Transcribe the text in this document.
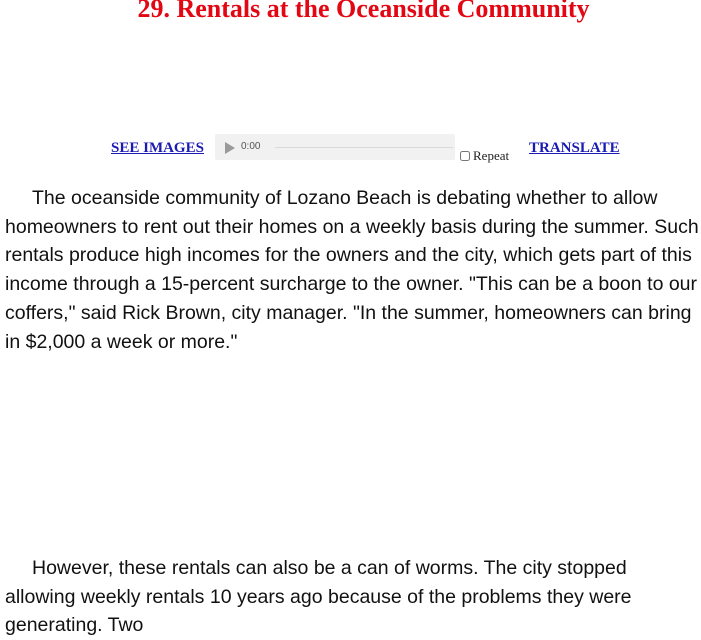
29. Rentals at the Oceanside Community
SEE IMAGES	0:00
Repeat TRANSLATE

The oceanside community of Lozano Beach is debating whether to allow homeowners to rent out their homes on a weekly basis during the summer. Such rentals produce high incomes for the owners and the city, which gets part of this income through a 15-percent surcharge to the owner. "This can be a boon to our coffers," said Rick Brown, city manager. "In the summer, homeowners can bring in $2,000 a week or more."

However, these rentals can also be a can of worms. The city stopped allowing weekly rentals 10 years ago because of the problems they were generating. Two
